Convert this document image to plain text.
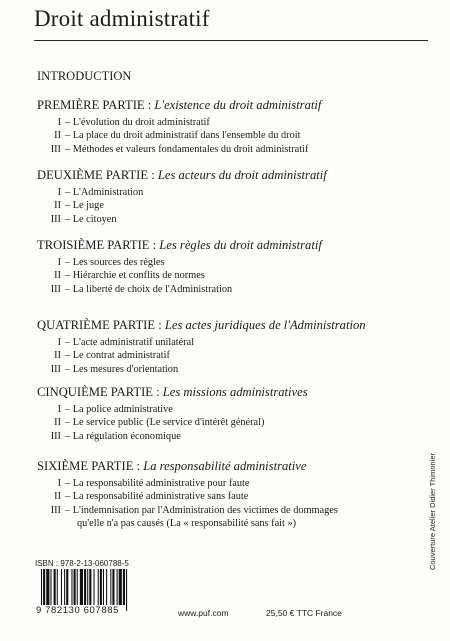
Droit administratif
INTRODUCTION
PREMIÈRE PARTIE : L'existence du droit administratif
I – L'évolution du droit administratif
II – La place du droit administratif dans l'ensemble du droit
III – Méthodes et valeurs fondamentales du droit administratif
DEUXIÈME PARTIE : Les acteurs du droit administratif
I – L'Administration
II – Le juge
III – Le citoyen
TROISIÈME PARTIE : Les règles du droit administratif
I – Les sources des règles
II – Hiérarchie et conflits de normes
III – La liberté de choix de l'Administration
QUATRIÈME PARTIE : Les actes juridiques de l'Administration
I – L'acte administratif unilatéral
II – Le contrat administratif
III – Les mesures d'orientation
CINQUIÈME PARTIE : Les missions administratives
I – La police administrative
II – Le service public (Le service d'intérêt général)
III – La régulation économique
SIXIÈME PARTIE : La responsabilité administrative
I – La responsabilité administrative pour faute
II – La responsabilité administrative sans faute
III – L'indemnisation par l'Administration des victimes de dommages
qu'elle n'a pas causés (La « responsabilité sans fait »)	Couverture Atelier Didier Thimonier
ISBN : 978-2-13-060788-5
9 782130 607885	www.puf.com	25,50 € TTC France
